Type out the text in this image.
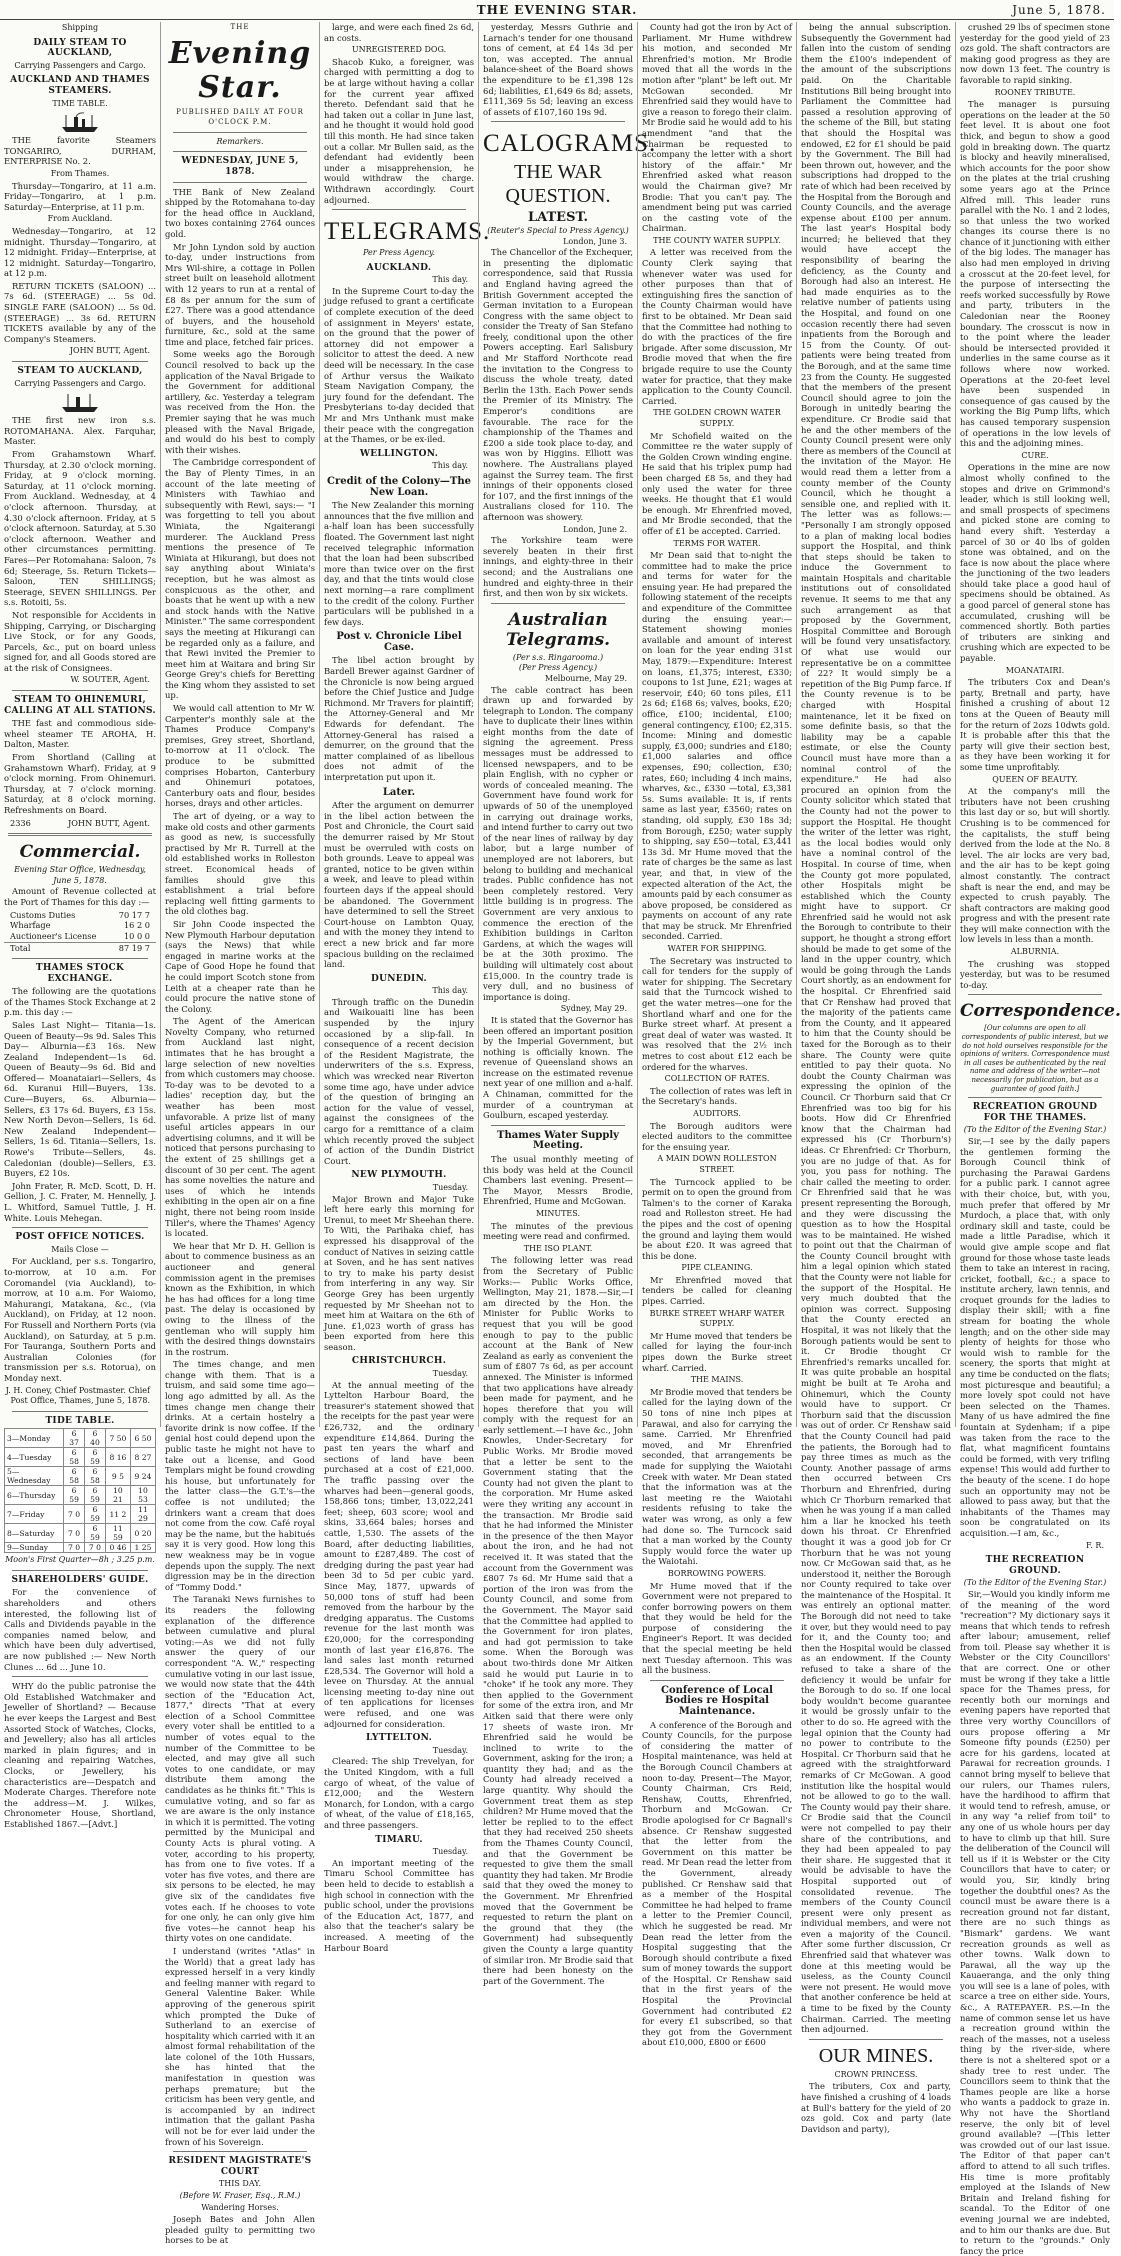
THE EVENING STAR.	June 5, 1878.
Shipping
DAILY STEAM TO AUCKLAND,
Carrying Passengers and Cargo.
AUCKLAND AND THAMES STEAMERS.
TIME TABLE.
THE favorite Steamers TONGARIRO, DURHAM, ENTERPRISE No. 2.
From Thames.
Thursday—Tongariro, at 11 a.m. Friday—Tongariro, at 1 p.m. Saturday—Enterprise, at 11 p.m.
From Auckland.
Wednesday—Tongariro, at 12 midnight. Thursday—Tongariro, at 12 midnight. Friday—Enterprise, at 12 midnight. Saturday—Tongariro, at 12 p.m.
RETURN TICKETS (SALOON) ... 7s 6d. (STEERAGE) ... 5s 0d. SINGLE FARE (SALOON) ... 5s 0d. (STEERAGE) ... 3s 6d. RETURN TICKETS available by any of the Company's Steamers.
JOHN BUTT, Agent.
STEAM TO AUCKLAND,
Carrying Passengers and Cargo.
THE first new iron s.s. ROTOMAHANA. Alex. Farquhar, Master.
From Grahamstown Wharf. Thursday, at 2.30 o'clock morning. Friday, at 9 o'clock morning. Saturday, at 11 o'clock morning. From Auckland. Wednesday, at 4 o'clock afternoon. Thursday, at 4.30 o'clock afternoon. Friday, at 5 o'clock afternoon. Saturday, at 5.30 o'clock afternoon. Weather and other circumstances permitting. Fares—Per Rotomahana: Saloon, 7s 6d; Steerage, 5s. Return Tickets—Saloon, TEN SHILLINGS; Steerage, SEVEN SHILLINGS. Per s.s. Rotoiti, 5s.
Not responsible for Accidents in Shipping, Carrying, or Discharging Live Stock, or for any Goods, Parcels, &c., put on board unless signed for, and all Goods stored are at the risk of Consignees.
W. SOUTER, Agent.
STEAM TO OHINEMURI, CALLING AT ALL STATIONS.
THE fast and commodious side-wheel steamer TE AROHA, H. Dalton, Master.
From Shortland (Calling at Grahamstown Wharf). Friday, at 9 o'clock morning. From Ohinemuri. Thursday, at 7 o'clock morning. Saturday, at 8 o'clock morning. Refreshments on Board.
2336	JOHN BUTT, Agent.
Commercial.
Evening Star Office, Wednesday, June 5, 1878.
Amount of Revenue collected at the Port of Thames for this day :—
Customs Duties	70 17 7
Wharfage	16 2 0
Auctioneer's License	10 0 0
Total	87 19 7
THAMES STOCK EXCHANGE.
The following are the quotations of the Thames Stock Exchange at 2 p.m. this day :—
Sales Last Night— Titania—1s. Queen of Beauty—9s 9d. Sales This Day— Alburnia—£3 16s. New Zealand Independent—1s 6d. Queen of Beauty—9s 6d. Bid and Offered— Moanataiari—Sellers, 4s 6d. Kuranui Hill—Buyers, 13s. Cure—Buyers, 6s. Alburnia—Sellers, £3 17s 6d. Buyers, £3 15s. New North Devon—Sellers, 1s 6d. New Zealand Independent—Sellers, 1s 6d. Titania—Sellers, 1s. Rowe's Tribute—Sellers, 4s. Caledonian (double)—Sellers, £3. Buyers, £2 10s.
John Frater, R. McD. Scott, D. H. Gellion, J. C. Frater, M. Hennelly, J. L. Whitford, Samuel Tuttle, J. H. White. Louis Mehegan.
POST OFFICE NOTICES.
Mails Close —
For Auckland, per s.s. Tongariro, to-morrow, at 10 a.m. For Coromandel (via Auckland), to-morrow, at 10 a.m. For Waiomo, Mahurangi, Matakana, &c., (via Auckland), on Friday, at 12 noon. For Russell and Northern Ports (via Auckland), on Saturday, at 5 p.m. For Tauranga, Southern Ports and Australian Colonies (for transmission per s.s. Rotorua), on Monday next.
J. H. Coney, Chief Postmaster. Chief Post Office, Thames, June 5, 1878.
TIDE TABLE.
3—Monday	6 37	6 40	7 50	6 50
4—Tuesday	6 58	6 59	8 16	8 27
5—Wednesday	6 58	6 58	9 5	9 24
6—Thursday	6 59	6 59	10 21	10 53
7—Friday	7 0	6 59	11 2	11 29
8—Saturday	7 0	6 59	11 59	0 20
9—Sunday	7 0	7 0	0 46	1 25
Moon's First Quarter—8h ; 3.25 p.m.
SHAREHOLDERS' GUIDE.
For the convenience of shareholders and others interested, the following list of Calls and Dividends payable in the companies named below, and which have been duly advertised, are now published :— New North Clunes ... 6d ... June 10.
WHY do the public patronise the Old Established Watchmaker and Jeweller of Shortland? — Because he ever keeps the Largest and Best Assorted Stock of Watches, Clocks, and Jewellery; also has all articles marked in plain figures; and in cleaning and repairing Watches, Clocks, or Jewellery, his characteristics are—Despatch and Moderate Charges. Therefore note the address—M. J. Wilkes, Chronometer House, Shortland, Established 1867.—[Advt.]
THE
Evening Star.
PUBLISHED DAILY AT FOUR O'CLOCK P.M.
Remarkers.
WEDNESDAY, JUNE 5, 1878.
THE Bank of New Zealand shipped by the Rotomahana to-day for the head office in Auckland, two boxes containing 2764 ounces gold.
Mr John Lyndon sold by auction to-day, under instructions from Mrs Wil-shire, a cottage in Pollen street built on leasehold allotment with 12 years to run at a rental of £8 8s per annum for the sum of £27. There was a good attendance of buyers, and the household furniture, &c., sold at the same time and place, fetched fair prices.
Some weeks ago the Borough Council resolved to back up the application of the Naval Brigade to the Government for additional artillery, &c. Yesterday a telegram was received from the Hon. the Premier saying that he was much pleased with the Naval Brigade, and would do his best to comply with their wishes.
The Cambridge correspondent of the Bay of Plenty Times, in an account of the late meeting of Ministers with Tawhiao and subsequently with Rewi, says:— "I was forgetting to tell you about Winiata, the Ngaiterangi murderer. The Auckland Press mentions the presence of Te Winiata at Hikurangi, but does not say anything about Winiata's reception, but he was almost as conspicuous as the other, and boasts that he went up with a new and stock hands with the Native Minister." The same correspondent says the meeting at Hikurangi can be regarded only as a failure, and that Rewi invited the Premier to meet him at Waitara and bring Sir George Grey's chiefs for Beretting the King whom they assisted to set up.
We would call attention to Mr W. Carpenter's monthly sale at the Thames Produce Company's premises, Grey street, Shortland, to-morrow at 11 o'clock. The produce to be submitted comprises Hobarton, Canterbury and Ohinemuri potatoes, Canterbury oats and flour, besides horses, drays and other articles.
The art of dyeing, or a way to make old costs and other garments as good as new, is successfully practised by Mr R. Turrell at the old established works in Rolleston street. Economical heads of families should give this establishment a trial before replacing well fitting garments to the old clothes bag.
Sir John Coode inspected the New Plymouth Harbour deputation (says the News) that while engaged in marine works at the Cape of Good Hope he found that he could import Scotch stone from Leith at a cheaper rate than he could procure the native stone of the Colony.
The Agent of the American Novelty Company, who returned from Auckland last night, intimates that he has brought a large selection of new novelties from which customers may choose. To-day was to be devoted to a ladies' reception day, but the weather has been most unfavorable. A prize list of many useful articles appears in our advertising columns, and it will be noticed that persons purchasing to the extent of 25 shillings get a discount of 30 per cent. The agent has some novelties the nature and uses of which he intends exhibiting in the open air on a fine night, there not being room inside Tiller's, where the Thames' Agency is located.
We hear that Mr D. H. Gellion is about to commence business as an auctioneer and general commission agent in the premises known as the Exhibition, in which he has had offices for a long time past. The delay is occasioned by owing to the illness of the gentleman who will supply him with the desired things downstairs in the rostrum.
The times change, and men change with them. That is a truism, and said some time ago—long ago admitted by all. As the times change men change their drinks. At a certain hostelry a favorite drink is now coffee. If the genial host could depend upon the public taste he might not have to take out a license, and Good Templars might be found crowding his house, but unfortunately for the latter class—the G.T.'s—the coffee is not undiluted; the drinkers want a cream that does not come from the cow. Café royal may be the name, but the habitués say it is very good. How long this new weakness may be in vogue depends upon the supply. The next digression may be in the direction of "Tommy Dodd."
The Taranaki News furnishes to its readers the following explanation of the difference between cumulative and plural voting:—As we did not fully answer the query of our correspondent "A. W.," respecting cumulative voting in our last issue, we would now state that the 44th section of the "Education Act, 1877," directs "That at every election of a School Committee every voter shall be entitled to a number of votes equal to the number of the Committee to be elected, and may give all such votes to one candidate, or may distribute them among the candidates as he thinks fit." This is cumulative voting, and so far as we are aware is the only instance in which it is permitted. The voting permitted by the Municipal and County Acts is plural voting. A voter, according to his property, has from one to five votes. If a voter has five votes, and there are six persons to be elected, he may give six of the candidates five votes each. If he chooses to vote for one only, he can only give him five votes—he cannot heap his thirty votes on one candidate.
I understand (writes "Atlas" in the World) that a great lady has expressed herself in a very kindly and feeling manner with regard to General Valentine Baker. While approving of the generous spirit which prompted the Duke of Sutherland to an exercise of hospitality which carried with it an almost formal rehabilitation of the late colonel of the 10th Hussars, she has hinted that the manifestation in question was perhaps premature; but the criticism has been very gentle, and is accompanied by an indirect intimation that the gallant Pasha will not be for ever laid under the frown of his Sovereign.
RESIDENT MAGISTRATE'S COURT
THIS DAY.
(Before W. Fraser, Esq., R.M.)
Wandering Horses.
Joseph Bates and John Allen pleaded guilty to permitting two horses to be at
large, and were each fined 2s 6d, an costs.
UNREGISTERED DOG.
Shacob Kuko, a foreigner, was charged with permitting a dog to be at large without having a collar for the current year affixed thereto. Defendant said that he had taken out a collar in June last, and he thought it would hold good till this month. He had since taken out a collar. Mr Bullen said, as the defendant had evidently been under a misapprehension, he would withdraw the charge. Withdrawn accordingly. Court adjourned.
TELEGRAMS.
Per Press Agency.
AUCKLAND.
This day.
In the Supreme Court to-day the judge refused to grant a certificate of complete execution of the deed of assignment in Meyers' estate, on the ground that the power of attorney did not empower a solicitor to attest the deed. A new deed will be necessary. In the case of Arthur versus the Waikato Steam Navigation Company, the jury found for the defendant. The Presbyterians to-day decided that Mr and Mrs Unthank must make their peace with the congregation at the Thames, or be ex-iled.
WELLINGTON.
This day.
Credit of the Colony—The New Loan.
The New Zealander this morning announces that the five million and a-half loan has been successfully floated. The Government last night received telegraphic information that the loan had been subscribed more than twice over on the first day, and that the tints would close next morning—a rare compliment to the credit of the colony. Further particulars will be published in a few days.
Post v. Chronicle Libel Case.
The libel action brought by Bardell Brewer against Gardner of the Chronicle is now being argued before the Chief Justice and Judge Richmond. Mr Travers for plaintiff; the Attorney-General and Mr Edwards for defendant. The Attorney-General has raised a demurrer, on the ground that the matter complained of as libellous does not admit of the interpretation put upon it.
Later.
After the argument on demurrer in the libel action between the Post and Chronicle, the Court said the demurrer raised by Mr Stout must be overruled with costs on both grounds. Leave to appeal was granted, notice to be given within a week, and leave to plead within fourteen days if the appeal should be abandoned. The Government have determined to sell the Street Court-house on Lambton Quay, and with the money they intend to erect a new brick and far more spacious building on the reclaimed land.
DUNEDIN.
This day.
Through traffic on the Dunedin and Waikouaiti line has been suspended by the injury occasioned by a slip-fall. In consequence of a recent decision of the Resident Magistrate, the underwriters of the s.s. Express, which was wrecked near Riverton some time ago, have under advice of the question of bringing an action for the value of vessel, against the consignees of the cargo for a remittance of a claim which recently proved the subject of action of the Dundin District Court.
NEW PLYMOUTH.
Tuesday.
Major Brown and Major Tuke left here early this morning for Urenui, to meet Mr Sheehan there. To Witi, the Parihaka chief, has expressed his disapproval of the conduct of Natives in seizing cattle at Soven, and he has sent natives to try to make his party desist from interfering in any way. Sir George Grey has been urgently requested by Mr Sheehan not to meet him at Waitara on the 6th of June. £1,023 worth of grass has been exported from here this season.
CHRISTCHURCH.
Tuesday.
At the annual meeting of the Lyttelton Harbour Board, the treasurer's statement showed that the receipts for the past year were £26,732, and the ordinary expenditure £14,864. During the past ten years the wharf and sections of land have been purchased at a cost of £21,000. The traffic passing over the wharves had been—general goods, 158,866 tons; timber, 13,022,241 feet; sheep, 603 score; wool and skins, 33,664 bales; horses and cattle, 1,530. The assets of the Board, after deducting liabilities, amount to £287,489. The cost of dredging during the past year had been 3d to 5d per cubic yard. Since May, 1877, upwards of 50,000 tons of stuff had been removed from the harbour by the dredging apparatus. The Customs revenue for the last month was £20,000; for the corresponding month of last year £16,876. The land sales last month returned £28,534. The Governor will hold a levee on Thursday. At the annual licensing meeting to-day nine out of ten applications for licenses were refused, and one was adjourned for consideration.
LYTTELTON.
Tuesday.
Cleared: The ship Trevelyan, for the United Kingdom, with a full cargo of wheat, of the value of £12,000; and the Western Monarch, for London, with a cargo of wheat, of the value of £18,165, and three passengers.
TIMARU.
Tuesday.
An important meeting of the Timaru School Committee has been held to decide to establish a high school in connection with the public school, under the provisions of the Education Act, 1877, and also that the teacher's salary be increased. A meeting of the Harbour Board
yesterday, Messrs Guthrie and Larnach's tender for one thousand tons of cement, at £4 14s 3d per ton, was accepted. The annual balance-sheet of the Board shows the expenditure to be £1,398 12s 6d; liabilities, £1,649 6s 8d; assets, £111,369 5s 5d; leaving an excess of assets of £107,160 19s 9d.
CALOGRAMS.
THE WAR QUESTION.
LATEST.
(Reuter's Special to Press Agency.)
London, June 3.
The Chancellor of the Exchequer, in presenting the diplomatic correspondence, said that Russia and England having agreed the British Government accepted the German invitation to a European Congress with the same object to consider the Treaty of San Stefano freely, conditional upon the other Powers accepting. Earl Salisbury and Mr Stafford Northcote read the invitation to the Congress to discuss the whole treaty, dated Berlin the 13th. Each Power sends the Premier of its Ministry. The Emperor's conditions are favourable. The race for the championship of the Thames and £200 a side took place to-day, and was won by Higgins. Elliott was nowhere. The Australians played against the Surrey team. The first innings of their opponents closed for 107, and the first innings of the Australians closed for 110. The afternoon was showery.
London, June 2.
The Yorkshire team were severely beaten in their first innings, and eighty-three in their second; and the Australians one hundred and eighty-three in their first, and then won by six wickets.
Australian Telegrams.
(Per s.s. Ringarooma.)
(Per Press Agency.)
Melbourne, May 29.
The cable contract has been drawn up and forwarded by telegraph to London. The company have to duplicate their lines within eight months from the date of signing the agreement. Press messages must be addressed to licensed newspapers, and to be plain English, with no cypher or words of concealed meaning. The Government have found work for upwards of 50 of the unemployed in carrying out drainage works, and intend further to carry out two of the near lines of railway by day labor, but a large number of unemployed are not laborers, but belong to building and mechanical trades. Public confidence has not been completely restored. Very little building is in progress. The Government are very anxious to commence the erection of the Exhibition buildings in Carlton Gardens, at which the wages will be at the 30th proximo. The building will ultimately cost about £15,000. In the country trade is very dull, and no business of importance is doing.
Sydney, May 29.
It is stated that the Governor has been offered an important position by the Imperial Government, but nothing is officially known. The revenue of Queensland shows an increase on the estimated revenue next year of one million and a-half. A Chinaman, committed for the murder of a countryman at Goulburn, escaped yesterday.
Thames Water Supply Meeting.
The usual monthly meeting of this body was held at the Council Chambers last evening. Present—The Mayor, Messrs Brodie, Ehrenfried, Hume and McGowan.
MINUTES.
The minutes of the previous meeting were read and confirmed.
THE ISO PLANT.
The following letter was read from the Secretary of Public Works:— Public Works Office, Wellington, May 21, 1878.—Sir,—I am directed by the Hon. the Minister for Public Works to request that you will be good enough to pay to the public account at the Bank of New Zealand as early as convenient the sum of £807 7s 6d, as per account annexed. The Minister is informed that two applications have already been made for payment, and he hopes therefore that you will comply with the request for an early settlement.—I have &c., John Knowles, Under-Secretary for Public Works. Mr Brodie moved that a letter be sent to the Government stating that the County had not given the plant to the corporation. Mr Hume asked were they writing any account in the transaction. Mr Brodie said that he had informed the Minister in the presence of the then Mayor about the iron, and he had not received it. It was stated that the account from the Government was £807 7s 6d. Mr Hume said that a portion of the iron was from the County Council, and some from the Government. The Mayor said that the Committee had applied to the Government for iron plates, and had got permission to take some. When the Borough was about two-thirds done Mr Aitken said he would put Laurie in to "choke" if he took any more. They then applied to the Government for some of the extra iron, and Mr Aitken said that there were only 17 sheets of waste iron. Mr Ehrenfried said he would be inclined to write to the Government, asking for the iron; a quantity they had; and as the County had already received a large quantity. Why should the Government treat them as step children? Mr Hume moved that the letter be replied to to the effect that they had received 250 sheets from the Thames County Council, and that the Government be requested to give them the small quantity they had taken. Mr Brodie said that they owed the money to the Government. Mr Ehrenfried moved that the Government be requested to return the plant on the ground that they (the Government) had subsequently given the County a large quantity of similar iron. Mr Brodie said that there had been honesty on the part of the Government. The
County had got the iron by Act of Parliament. Mr Hume withdrew his motion, and seconded Mr Ehrenfried's motion. Mr Brodie moved that all the words in the motion after "plant" be left out. Mr McGowan seconded. Mr Ehrenfried said they would have to give a reason to forego their claim. Mr Brodie said he would add to his amendment "and that the Chairman be requested to accompany the letter with a short history of the affair." Mr Ehrenfried asked what reason would the Chairman give? Mr Brodie: That you can't pay. The amendment being put was carried on the casting vote of the Chairman.
THE COUNTY WATER SUPPLY.
A letter was received from the County Clerk saying that whenever water was used for other purposes than that of extinguishing fires the sanction of the County Chairman would have first to be obtained. Mr Dean said that the Committee had nothing to do with the practices of the fire brigade. After some discussion, Mr Brodie moved that when the fire brigade require to use the County water for practice, that they make application to the County Council. Carried.
THE GOLDEN CROWN WATER SUPPLY.
Mr Schofield waited on the Committee re the water supply of the Golden Crown winding engine. He said that his triplex pump had been charged £8 5s, and they had only used the water for three weeks. He thought that £1 would be enough. Mr Ehrenfried moved, and Mr Brodie seconded, that the offer of £1 be accepted. Carried.
TERMS FOR WATER.
Mr Dean said that to-night the committee had to make the price and terms for water for the ensuing year. He had prepared the following statement of the receipts and expenditure of the Committee during the ensuing year:— Statement showing monies available and amount of interest on loan for the year ending 31st May, 1879:—Expenditure: Interest on loans, £1,375; interest, £330; coupons to 1st June, £21; wages at reservoir, £40; 60 tons piles, £11 2s 6d; £168 6s; valves, books, £20; office, £100; incidental, £100; general contingency, £100; £2,315. Income: Mining and domestic supply, £3,000; sundries and £180; £1,000 salaries and office expenses, £90; collection, £30; rates, £60; including 4 inch mains, wharves, &c., £330 —total, £3,381 5s. Sums available: It is, if rents same as last year, £3560; rates on standing, old supply, £30 18s 3d; from Borough, £250; water supply to shipping, say £50—total, £3,441 13s 3d. Mr Hume moved that the rate of charges be the same as last year, and that, in view of the expected alteration of the Act, the amounts paid by each consumer as above proposed, be considered as payments on account of any rate that may be struck. Mr Ehrenfried seconded. Carried.
WATER FOR SHIPPING.
The Secretary was instructed to call for tenders for the supply of water for shipping. The Secretary said that the Turncock wished to get the water metres—one for the Shortland wharf and one for the Burke street wharf. At present a great deal of water was wasted. It was resolved that the 2½ inch metres to cost about £12 each be ordered for the wharves.
COLLECTION OF RATES.
The collection of rates was left in the Secretary's hands.
AUDITORS.
The Borough auditors were elected auditors to the committee for the ensuing year.
A MAIN DOWN ROLLESTON STREET.
The Turncock applied to be permit on to open the ground from Talmen's to the corner of Karaka road and Rolleston street. He had the pipes and the cost of opening the ground and laying them would be about £20. It was agreed that this be done.
PIPE CLEANING.
Mr Ehrenfried moved that tenders be called for cleaning pipes. Carried.
BURKE STREET WHARF WATER SUPPLY.
Mr Hume moved that tenders be called for laying the four-inch pipes down the Burke street wharf. Carried.
THE MAINS.
Mr Brodie moved that tenders be called for the laying down of the 50 tons of nine inch pipes at Parawai, and also for carrying the same. Carried. Mr Ehrenfried moved, and Mr Ehrenfried seconded, that arrangements be made for supplying the Waiotahi Creek with water. Mr Dean stated that the information was at the last meeting re the Waiotahi residents refusing to take the water was wrong, as only a few had done so. The Turncock said that a man worked by the County Supply would force the water up the Waiotahi.
BORROWING POWERS.
Mr Hume moved that if the Government were not prepared to confer borrowing powers on them that they would be held for the purpose of considering the Engineer's Report. It was decided that the special meeting be held next Tuesday afternoon. This was all the business.
Conference of Local Bodies re Hospital Maintenance.
A conference of the Borough and County Councils, for the purpose of considering the matter of Hospital maintenance, was held at the Borough Council Chambers at noon to-day. Present—The Mayor, County Chairman, Crs Reid, Renshaw, Coutts, Ehrenfried, Thorburn and McGowan. Cr Brodie apologised for Cr Bagnall's absence. Cr Renshaw suggested that the letter from the Government on this matter be read. Mr Dean read the letter from the Government, already published. Cr Renshaw said that as a member of the Hospital Committee he had helped to frame a letter to the Premier Council, which he suggested be read. Mr Dean read the letter from the Hospital suggesting that the Borough should contribute a fixed sum of money towards the support of the Hospital. Cr Renshaw said that in the first years of the Hospital the Provincial Government had contributed £2 for every £1 subscribed, so that they got from the Government about £10,000, £800 or £600
being the annual subscription. Subsequently the Government had fallen into the custom of sending them the £100's independent of the amount of the subscriptions paid. On the Charitable Institutions Bill being brought into Parliament the Committee had passed a resolution approving of the scheme of the Bill, but stating that should the Hospital was endowed, £2 for £1 should be paid by the Government. The Bill had been thrown out, however, and the subscriptions had dropped to the rate of which had been received by the Hospital from the Borough and County Councils, and the average expense about £100 per annum. The last year's Hospital body incurred; he believed that they would have accept the responsibility of bearing the deficiency, as the County and Borough had also an interest. He had made enquiries as to the relative number of patients using the Hospital, and found on one occasion recently there had seven inpatients from the Borough and 15 from the County. Of out-patients were being treated from the Borough, and at the same time 23 from the County. He suggested that the members of the present Council should agree to join the Borough in unitedly bearing the expenditure. Cr Brodie said that he and the other members of the County Council present were only there as members of the Council at the invitation of the Mayor. He would read them a letter from a county member of the County Council, which he thought a sensible one, and replied with it. The letter was as follows:— "Personally I am strongly opposed to a plan of making local bodies support the Hospital, and think that steps should be taken to induce the Government to maintain Hospitals and charitable institutions out of consolidated revenue. It seems to me that any such arrangement as that proposed by the Government, Hospital Committee and Borough will be found very unsatisfactory. Of what use would our representative be on a committee of 22? It would simply be a repetition of the Big Pump farce. If the County revenue is to be charged with Hospital maintenance, let it be fixed on some definite basis, so that the liability may be a capable estimate, or else the County Council must have more than a nominal control of the expenditure." He had also procured an opinion from the County solicitor which stated that the County had not the power to support the Hospital. He thought the writer of the letter was right, as the local bodies would only have a nominal control of the Hospital. In course of time, when the County got more populated, other Hospitals might be established which the County might have to support. Cr Ehrenfried said he would not ask the Borough to contribute to their support, he thought a strong effort should be made to get some of the land in the upper country, which would be going through the Lands Court shortly, as an endowment for the hospital. Cr Ehrenfried said that Cr Renshaw had proved that the majority of the patients came from the County, and it appeared to him that the County should be taxed for the Borough as to their share. The County were quite entitled to pay their quota. No doubt the County Chairman was expressing the opinion of the Council. Cr Thorburn said that Cr Ehrenfried was too big for his boots. How did Cr Ehrenfried know that the Chairman had expressed his (Cr Thorburn's) ideas. Cr Ehrenfried: Cr Thorburn, you are no judge of that. As for you, you pass for nothing. The chair called the meeting to order. Cr Ehrenfried said that he was present representing the Borough, and they were discussing the question as to how the Hospital was to be maintained. He wished to point out that the Chairman of the County Council brought with him a legal opinion which stated that the County were not liable for the support of the Hospital. He very much doubted that the opinion was correct. Supposing that the County erected an Hospital, it was not likely that the Borough patients would be sent to it. Cr Brodie thought Cr Ehrenfried's remarks uncalled for. It was quite probable an hospital might be built at Te Aroha and Ohinemuri, which the County would have to support. Cr Thorburn said that the discussion was out of order. Cr Renshaw said that the County Council had paid the patients, the Borough had to pay three times as much as the County. Another passage of arms then occurred between Crs Thorburn and Ehrenfried, during which Cr Thorburn remarked that when he was young if a man called him a liar he knocked his teeth down his throat. Cr Ehrenfried thought it was a good job for Cr Thorburn that he was not young now. Cr McGowan said that, as he understood it, neither the Borough nor County required to take over the maintenance of the Hospital. It was entirely an optional matter. The Borough did not need to take it over, but they would need to pay for it, and the County too; and then the Hospital would be classed as an endowment. If the County refused to take a share of the deficiency it would be unfair for the Borough to do so. If one local body wouldn't become guarantee it would be grossly unfair to the other to do so. He agreed with the legal opinion that the County had no power to contribute to the Hospital. Cr Thorburn said that he agreed with the straightforward remarks of Cr McGowan. A good institution like the hospital would not be allowed to go to the wall. The County would pay their share. Cr Brodie said that the Council were not compelled to pay their share of the contributions, and they had been appealed to pay their share. He suggested that it would be advisable to have the Hospital supported out of consolidated revenue. The members of the County Council present were only present as individual members, and were not even a majority of the Council. After some further discussion, Cr Ehrenfried said that whatever was done at this meeting would be useless, as the County Council were not present. He would move that another conference be held at a time to be fixed by the County Chairman. Carried. The meeting then adjourned.
OUR MINES.
CROWN PRINCESS.
The tributers, Cox and party, have finished a crushing of 4 loads at Bull's battery for the yield of 20 ozs gold. Cox and party (late Davidson and party),
crushed 29 lbs of specimen stone yesterday for the good yield of 23 ozs gold. The shaft contractors are making good progress as they are now down 13 feet. The country is favorable to rapid sinking.
ROONEY TRIBUTE.
The manager is pursuing operations on the leader at the 50 feet level. It is about one foot thick, and begun to show a good gold in breaking down. The quartz is blocky and heavily mineralised, which accounts for the poor show on the plates at the trial crushing some years ago at the Prince Alfred mill. This leader runs parallel with the No. 1 and 2 lodes, so that unless the two worked changes its course there is no chance of it junctioning with either of the big lodes. The manager has also had men employed in driving a crosscut at the 20-feet level, for the purpose of intersecting the reefs worked successfully by Rowe and party, tributers in the Caledonian near the Rooney boundary. The crosscut is now in to the point where the leader should be intersected provided it underlies in the same course as it follows where now worked. Operations at the 20-feet level have been suspended in consequence of gas caused by the working the Big Pump lifts, which has caused temporary suspension of operations in the low levels of this and the adjoining mines.
CURE.
Operations in the mine are now almost wholly confined to the stopes and drive on Grimmond's leader, which is still looking well, and small prospects of specimens and picked stone are coming to hand every shift. Yesterday a parcel of 30 or 40 lbs of golden stone was obtained, and on the face is now about the place where the junctioning of the two leaders should take place a good haul of specimens should be obtained. As a good parcel of general stone has accumulated, crushing will be commenced shortly. Both parties of tributers are sinking and crushing which are expected to be payable.
MOANATAIRI.
The tributers Cox and Dean's party, Bretnall and party, have finished a crushing of about 12 tons at the Queen of Beauty mill for the return of 2ozs 10dwts gold. It is probable after this that the party will give their section best, as they have been working it for some time unprofitably.
QUEEN OF BEAUTY.
At the company's mill the tributers have not been crushing this last day or so, but will shortly. Crushing is to be commenced for the capitalists, the stuff being derived from the lode at the No. 8 level. The air locks are very bad, and the air has to be kept going almost constantly. The contract shaft is near the end, and may be expected to crush payably. The shaft contractors are making good progress and with the present rate they will make connection with the low levels in less than a month.
ALBURNIA.
The crushing was stopped yesterday, but was to be resumed to-day.
Correspondence.
[Our columns are open to all correspondents of public interest, but we do not hold ourselves responsible for the opinions of writers. Correspondence must in all cases be authenticated by the real name and address of the writer—not necessarily for publication, but as a guarantee of good faith.]
RECREATION GROUND FOR THE THAMES.
(To the Editor of the Evening Star.)
Sir,—I see by the daily papers the gentlemen forming the Borough Council think of purchasing the Parawai Gardens for a public park. I cannot agree with their choice, but, with you, much prefer that offered by Mr Murdoch, a place that, with only ordinary skill and taste, could be made a little Paradise, which it would give ample scope and flat ground for those whose taste leads them to take an interest in racing, cricket, football, &c.; a space to institute archery, lawn tennis, and croquet grounds for the ladies to display their skill; with a fine stream for boating the whole length; and on the other side may plenty of heights for those who would wish to ramble for the scenery, the sports that might at any time be conducted on the flats; most picturesque and beautiful; a more lovely spot could not have been selected on the Thames. Many of us have admired the fine fountain at Sydenham; if a pipe was taken from the race to the flat, what magnificent fountains could be formed, with very trifling expense! This would add further to the beauty of the scene. I do hope such an opportunity may not be allowed to pass away, but that the inhabitants of the Thames may soon be congratulated on its acquisition.—I am, &c.,
F. R.
THE RECREATION GROUND.
(To the Editor of the Evening Star.)
Sir,—Would you kindly inform me of the meaning of the word "recreation"? My dictionary says it means that which tends to refresh after labour; amusement, relief from toil. Please say whether it is Webster or the City Councillors' that are correct. One or other must be wrong if they take a little space for the Thames press, for recently both our mornings and evening papers have reported that three very worthy Councillors of ours propose offering a Mr Someone fifty pounds (£250) per acre for his gardens, located at Parawai for recreation grounds. I cannot bring myself to believe that our rulers, our Thames rulers, have the hardihood to affirm that it would tend to refresh, amuse, or in any way "a relief from toil" to any one of us whole hours per day to have to climb up that hill. Sure the deliberation of the Council will tell us if it is Webster or the City Councillors that have to cater; or would you, Sir, kindly bring together the doubtful ones? As the council must be aware there is a recreation ground not far distant, there are no such things as "Bismark" gardens. We want recreation grounds as well as other towns. Walk down to Parawai, all the way up the Kauaeranga, and the only thing you will see is a lane of poles, with scarce a tree on either side. Yours, &c., A RATEPAYER. P.S.—In the name of common sense let us have a recreation ground within the reach of the masses, not a useless thing by the river-side, where there is not a sheltered spot or a shady tree to rest under. The Councillors seem to think that the Thames people are like a horse who wants a paddock to graze in. Why not have the Shortland reserve, the only bit of level ground available? —[This letter was crowded out of our last issue. The Editor of that paper can't afford to attend to all such trifles. His time is more profitably employed at the Islands of New Britain and Ireland fishing for scandal. To the Editor of one evening journal we are indebted, and to him our thanks are due. But to return to the "grounds." Only fancy the price
